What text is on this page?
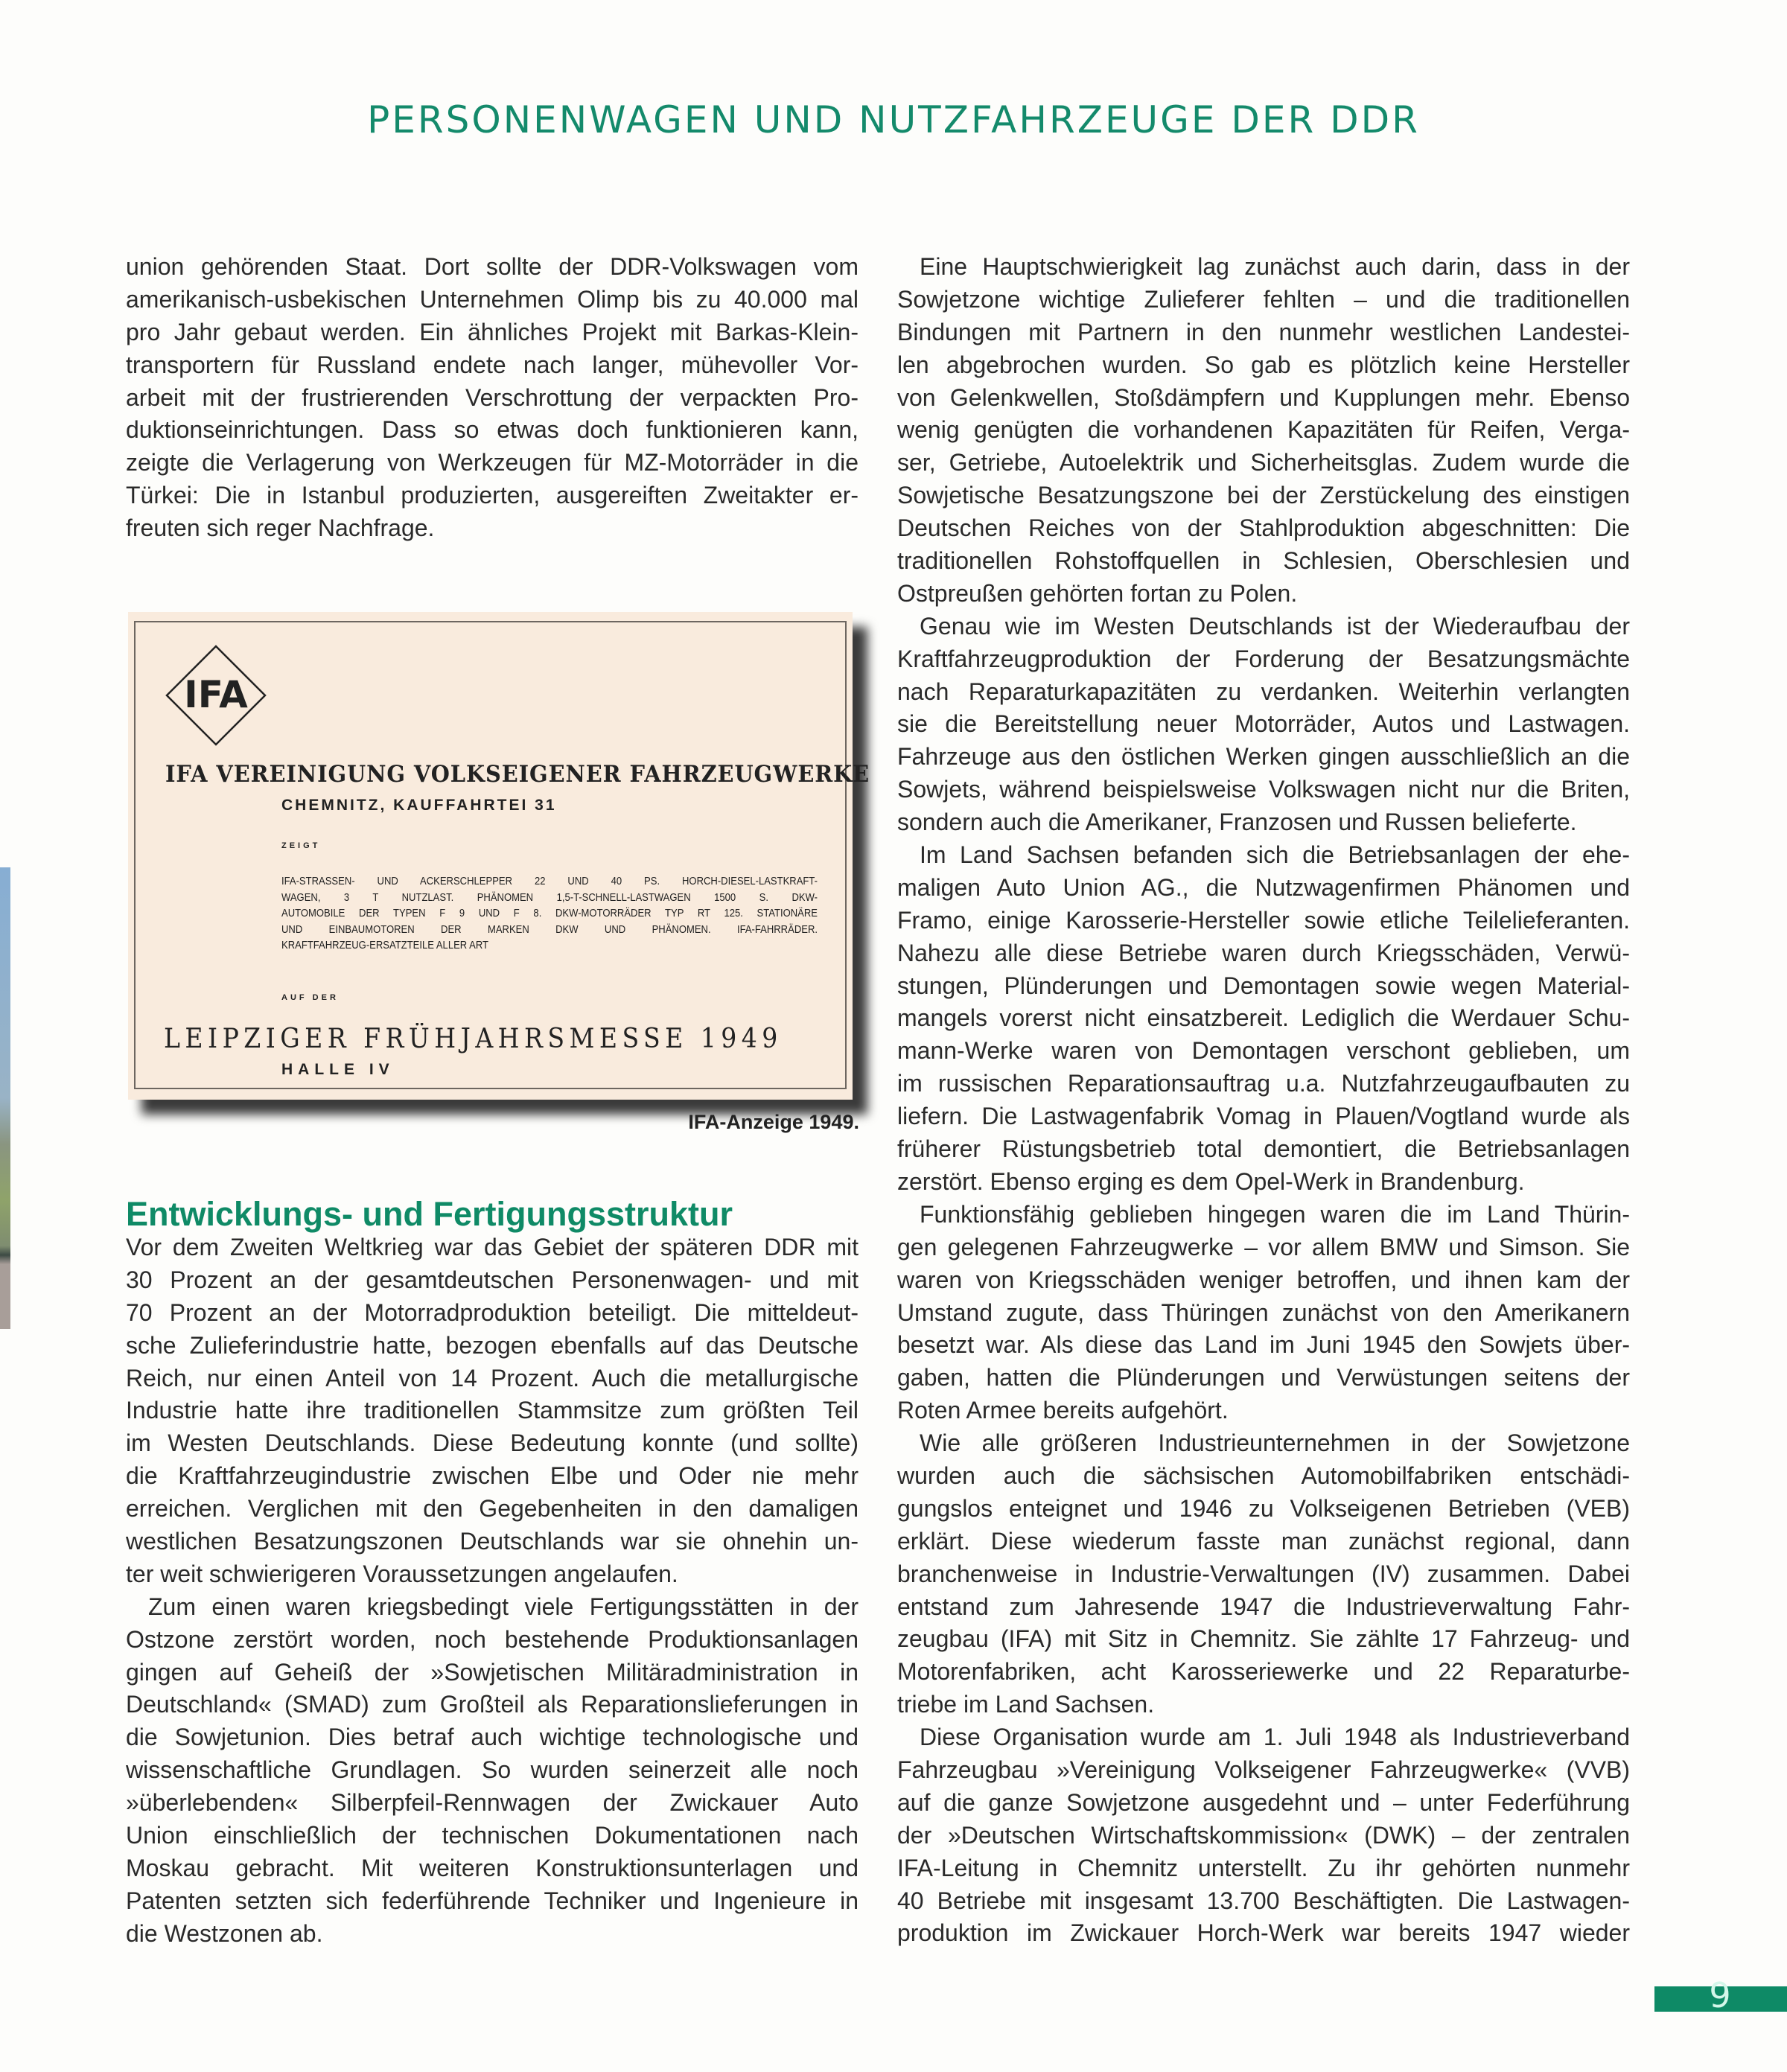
PERSONENWAGEN UND NUTZFAHRZEUGE DER DDR
union gehörenden Staat. Dort sollte der DDR-Volkswagen vom
amerikanisch-usbekischen Unternehmen Olimp bis zu 40.000 mal
pro Jahr gebaut werden. Ein ähnliches Projekt mit Barkas-Klein-
transportern für Russland endete nach langer, mühevoller Vor-
arbeit mit der frustrierenden Verschrottung der verpackten Pro-
duktionseinrichtungen. Dass so etwas doch funktionieren kann,
zeigte die Verlagerung von Werkzeugen für MZ-Motorräder in die
Türkei: Die in Istanbul produzierten, ausgereiften Zweitakter er-
freuten sich reger Nachfrage.
IFA
IFA VEREINIGUNG VOLKSEIGENER FAHRZEUGWERKE
CHEMNITZ, KAUFFAHRTEI 31
ZEIGT
IFA-STRASSEN- UND ACKERSCHLEPPER 22 UND 40 PS. HORCH-DIESEL-LASTKRAFT-
WAGEN, 3 T NUTZLAST. PHÄNOMEN 1,5-T-SCHNELL-LASTWAGEN 1500 S. DKW-
AUTOMOBILE DER TYPEN F 9 UND F 8. DKW-MOTORRÄDER TYP RT 125. STATIONÄRE
UND EINBAUMOTOREN DER MARKEN DKW UND PHÄNOMEN. IFA-FAHRRÄDER.
KRAFTFAHRZEUG-ERSATZTEILE ALLER ART
AUF DER
LEIPZIGER FRÜHJAHRSMESSE 1949
HALLE IV
IFA-Anzeige 1949.
Entwicklungs- und Fertigungsstruktur
Vor dem Zweiten Weltkrieg war das Gebiet der späteren DDR mit
30 Prozent an der gesamtdeutschen Personenwagen- und mit
70 Prozent an der Motorradproduktion beteiligt. Die mitteldeut-
sche Zulieferindustrie hatte, bezogen ebenfalls auf das Deutsche
Reich, nur einen Anteil von 14 Prozent. Auch die metallurgische
Industrie hatte ihre traditionellen Stammsitze zum größten Teil
im Westen Deutschlands. Diese Bedeutung konnte (und sollte)
die Kraftfahrzeugindustrie zwischen Elbe und Oder nie mehr
erreichen. Verglichen mit den Gegebenheiten in den damaligen
westlichen Besatzungszonen Deutschlands war sie ohnehin un-
ter weit schwierigeren Voraussetzungen angelaufen.
Zum einen waren kriegsbedingt viele Fertigungsstätten in der
Ostzone zerstört worden, noch bestehende Produktionsanlagen
gingen auf Geheiß der »Sowjetischen Militäradministration in
Deutschland« (SMAD) zum Großteil als Reparationslieferungen in
die Sowjetunion. Dies betraf auch wichtige technologische und
wissenschaftliche Grundlagen. So wurden seinerzeit alle noch
»überlebenden« Silberpfeil-Rennwagen der Zwickauer Auto
Union einschließlich der technischen Dokumentationen nach
Moskau gebracht. Mit weiteren Konstruktionsunterlagen und
Patenten setzten sich federführende Techniker und Ingenieure in
die Westzonen ab.
Eine Hauptschwierigkeit lag zunächst auch darin, dass in der
Sowjetzone wichtige Zulieferer fehlten – und die traditionellen
Bindungen mit Partnern in den nunmehr westlichen Landestei-
len abgebrochen wurden. So gab es plötzlich keine Hersteller
von Gelenkwellen, Stoßdämpfern und Kupplungen mehr. Ebenso
wenig genügten die vorhandenen Kapazitäten für Reifen, Verga-
ser, Getriebe, Autoelektrik und Sicherheitsglas. Zudem wurde die
Sowjetische Besatzungszone bei der Zerstückelung des einstigen
Deutschen Reiches von der Stahlproduktion abgeschnitten: Die
traditionellen Rohstoffquellen in Schlesien, Oberschlesien und
Ostpreußen gehörten fortan zu Polen.
Genau wie im Westen Deutschlands ist der Wiederaufbau der
Kraftfahrzeugproduktion der Forderung der Besatzungsmächte
nach Reparaturkapazitäten zu verdanken. Weiterhin verlangten
sie die Bereitstellung neuer Motorräder, Autos und Lastwagen.
Fahrzeuge aus den östlichen Werken gingen ausschließlich an die
Sowjets, während beispielsweise Volkswagen nicht nur die Briten,
sondern auch die Amerikaner, Franzosen und Russen belieferte.
Im Land Sachsen befanden sich die Betriebsanlagen der ehe-
maligen Auto Union AG., die Nutzwagenfirmen Phänomen und
Framo, einige Karosserie-Hersteller sowie etliche Teilelieferanten.
Nahezu alle diese Betriebe waren durch Kriegsschäden, Verwü-
stungen, Plünderungen und Demontagen sowie wegen Material-
mangels vorerst nicht einsatzbereit. Lediglich die Werdauer Schu-
mann-Werke waren von Demontagen verschont geblieben, um
im russischen Reparationsauftrag u.a. Nutzfahrzeugaufbauten zu
liefern. Die Lastwagenfabrik Vomag in Plauen/Vogtland wurde als
früherer Rüstungsbetrieb total demontiert, die Betriebsanlagen
zerstört. Ebenso erging es dem Opel-Werk in Brandenburg.
Funktionsfähig geblieben hingegen waren die im Land Thürin-
gen gelegenen Fahrzeugwerke – vor allem BMW und Simson. Sie
waren von Kriegsschäden weniger betroffen, und ihnen kam der
Umstand zugute, dass Thüringen zunächst von den Amerikanern
besetzt war. Als diese das Land im Juni 1945 den Sowjets über-
gaben, hatten die Plünderungen und Verwüstungen seitens der
Roten Armee bereits aufgehört.
Wie alle größeren Industrieunternehmen in der Sowjetzone
wurden auch die sächsischen Automobilfabriken entschädi-
gungslos enteignet und 1946 zu Volkseigenen Betrieben (VEB)
erklärt. Diese wiederum fasste man zunächst regional, dann
branchenweise in Industrie-Verwaltungen (IV) zusammen. Dabei
entstand zum Jahresende 1947 die Industrieverwaltung Fahr-
zeugbau (IFA) mit Sitz in Chemnitz. Sie zählte 17 Fahrzeug- und
Motorenfabriken, acht Karosseriewerke und 22 Reparaturbe-
triebe im Land Sachsen.
Diese Organisation wurde am 1. Juli 1948 als Industrieverband
Fahrzeugbau »Vereinigung Volkseigener Fahrzeugwerke« (VVB)
auf die ganze Sowjetzone ausgedehnt und – unter Federführung
der »Deutschen Wirtschaftskommission« (DWK) – der zentralen
IFA-Leitung in Chemnitz unterstellt. Zu ihr gehörten nunmehr
40 Betriebe mit insgesamt 13.700 Beschäftigten. Die Lastwagen-
produktion im Zwickauer Horch-Werk war bereits 1947 wieder
9
